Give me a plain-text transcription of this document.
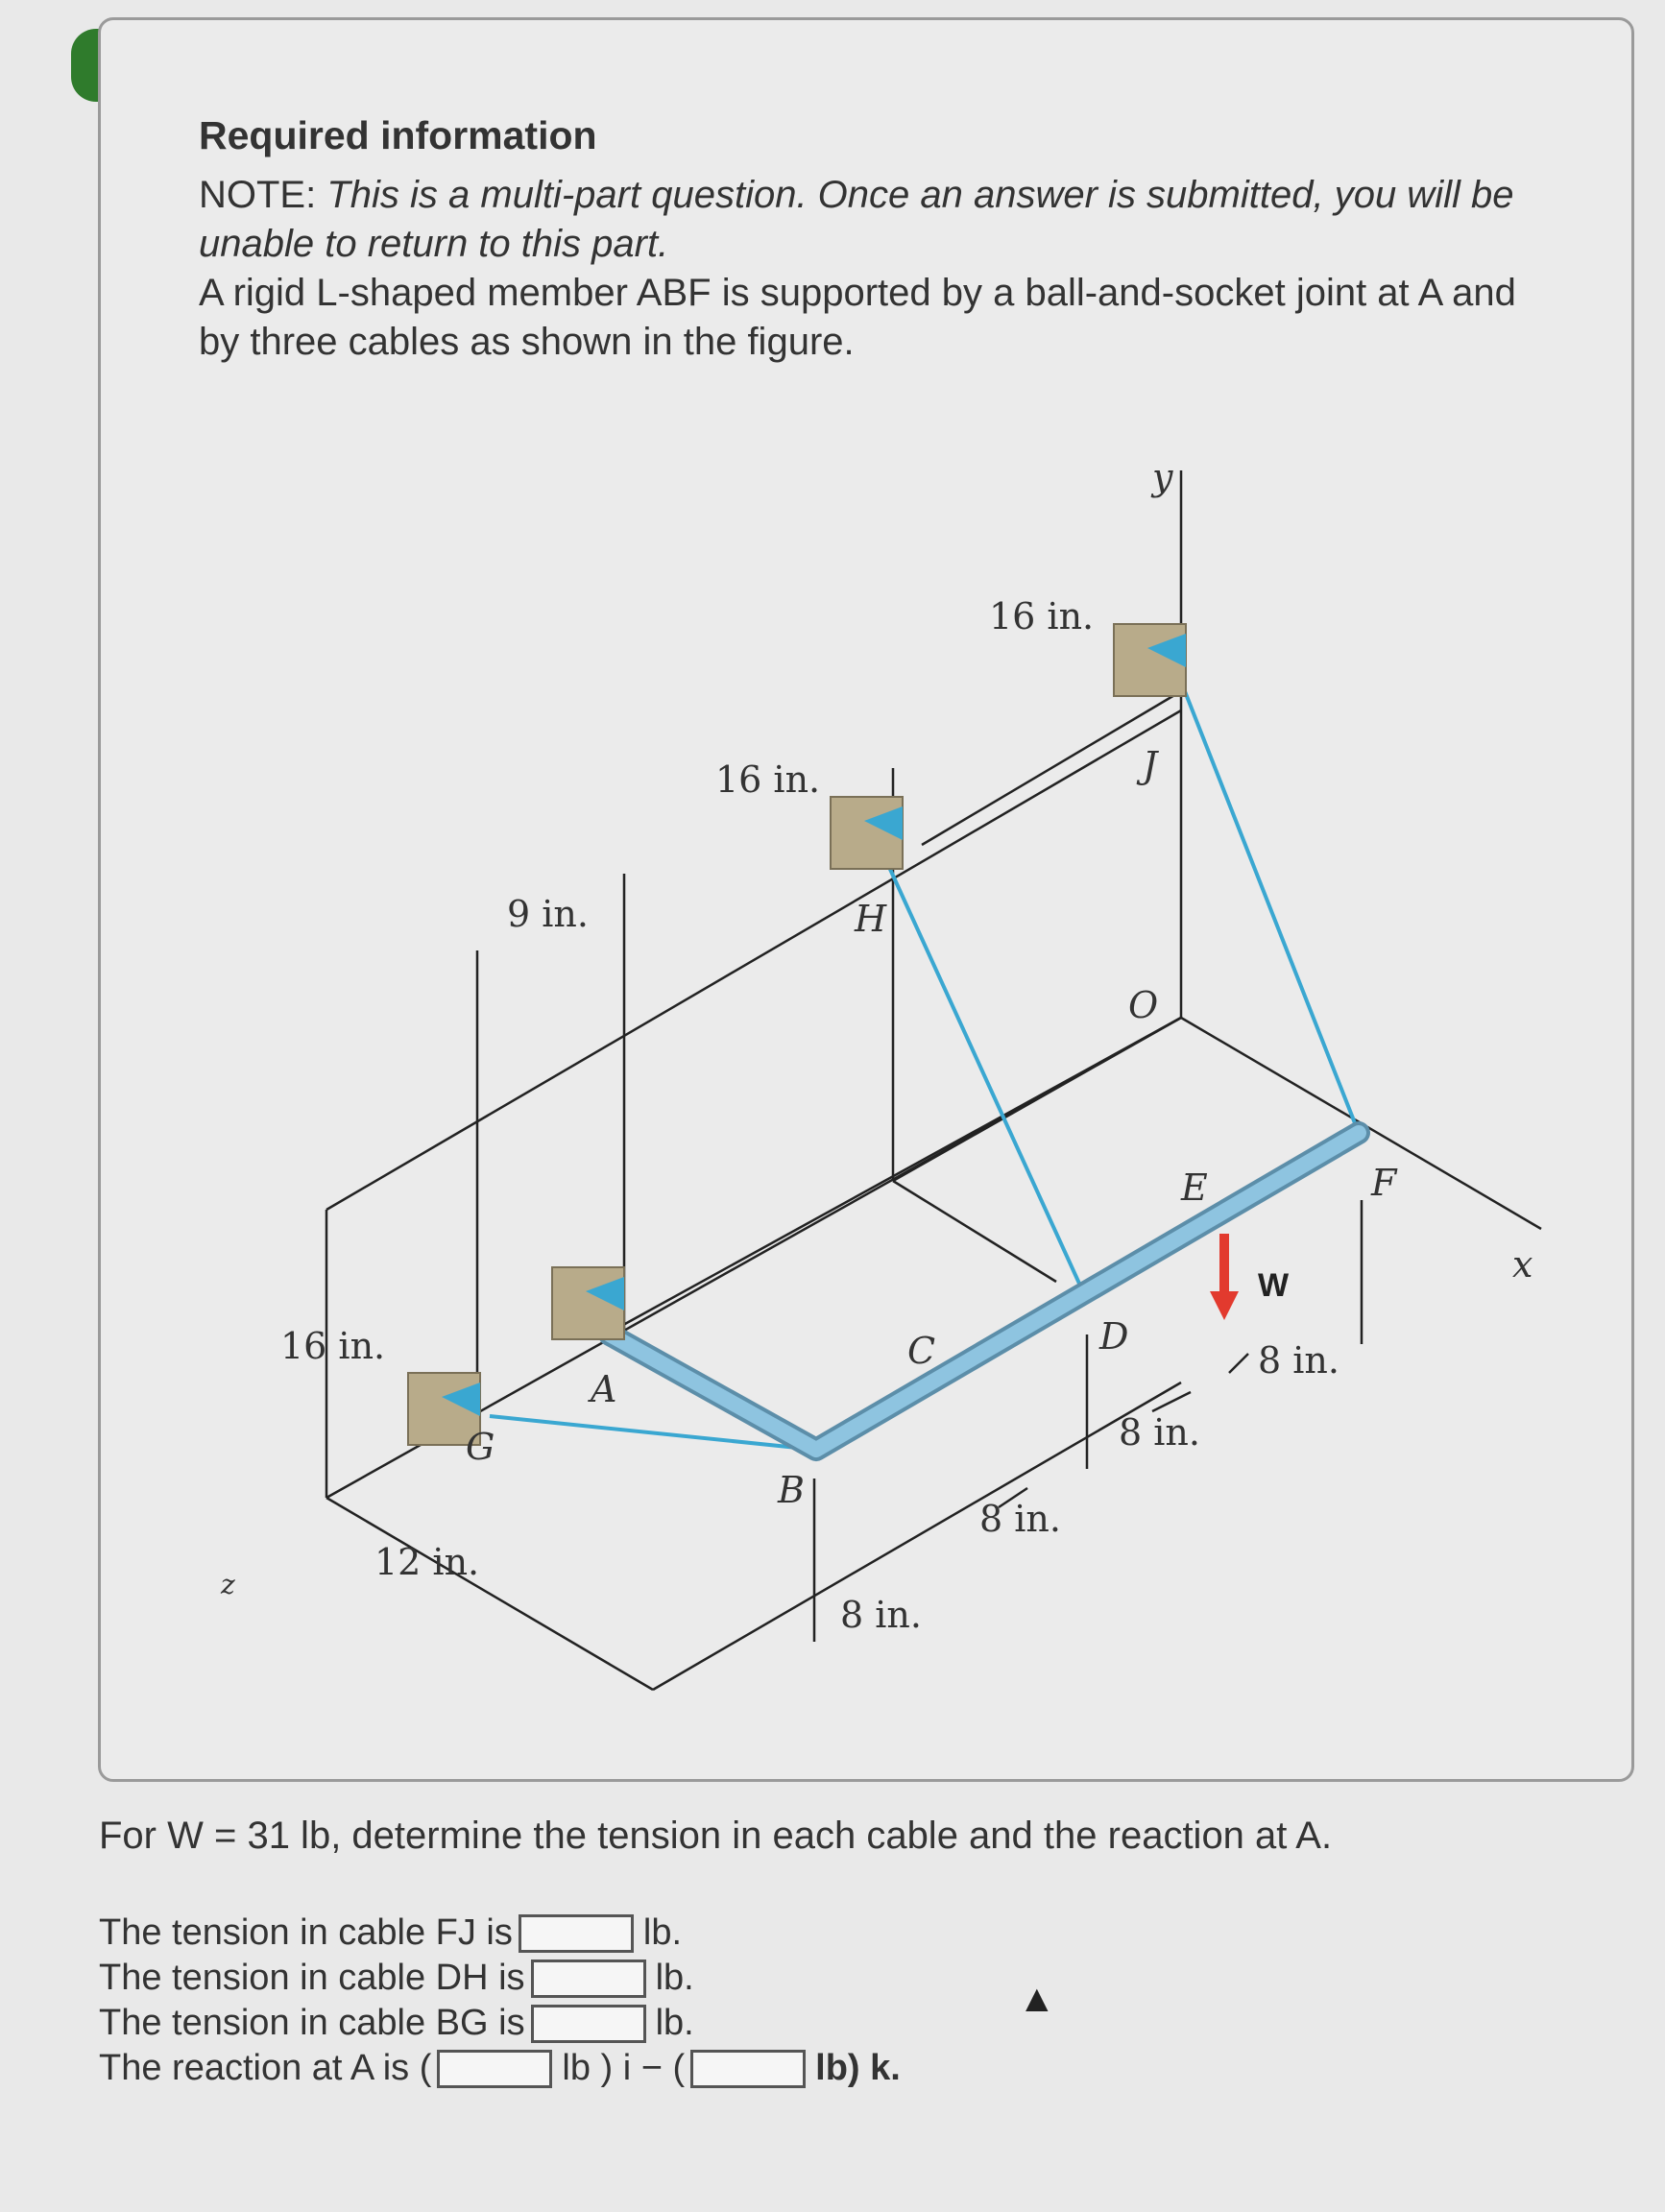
Required information

NOTE: This is a multi-part question. Once an answer is submitted, you will be unable to return to this part.

A rigid L-shaped member ABF is supported by a ball-and-socket joint at A and by three cables as shown in the figure.

y
x
z
A
B
C	D
E	F
G
H
J
O
W
16 in.
16 in.
9 in.
16 in.
12 in.
8 in.
8 in.
8 in.
8 in.
For W = 31 lb, determine the tension in each cable and the reaction at A.
The tension in cable FJ is	lb.
The tension in cable DH is	lb.
The tension in cable BG is	lb.
The reaction at A is (	lb ) i − (	lb) k.
▲
